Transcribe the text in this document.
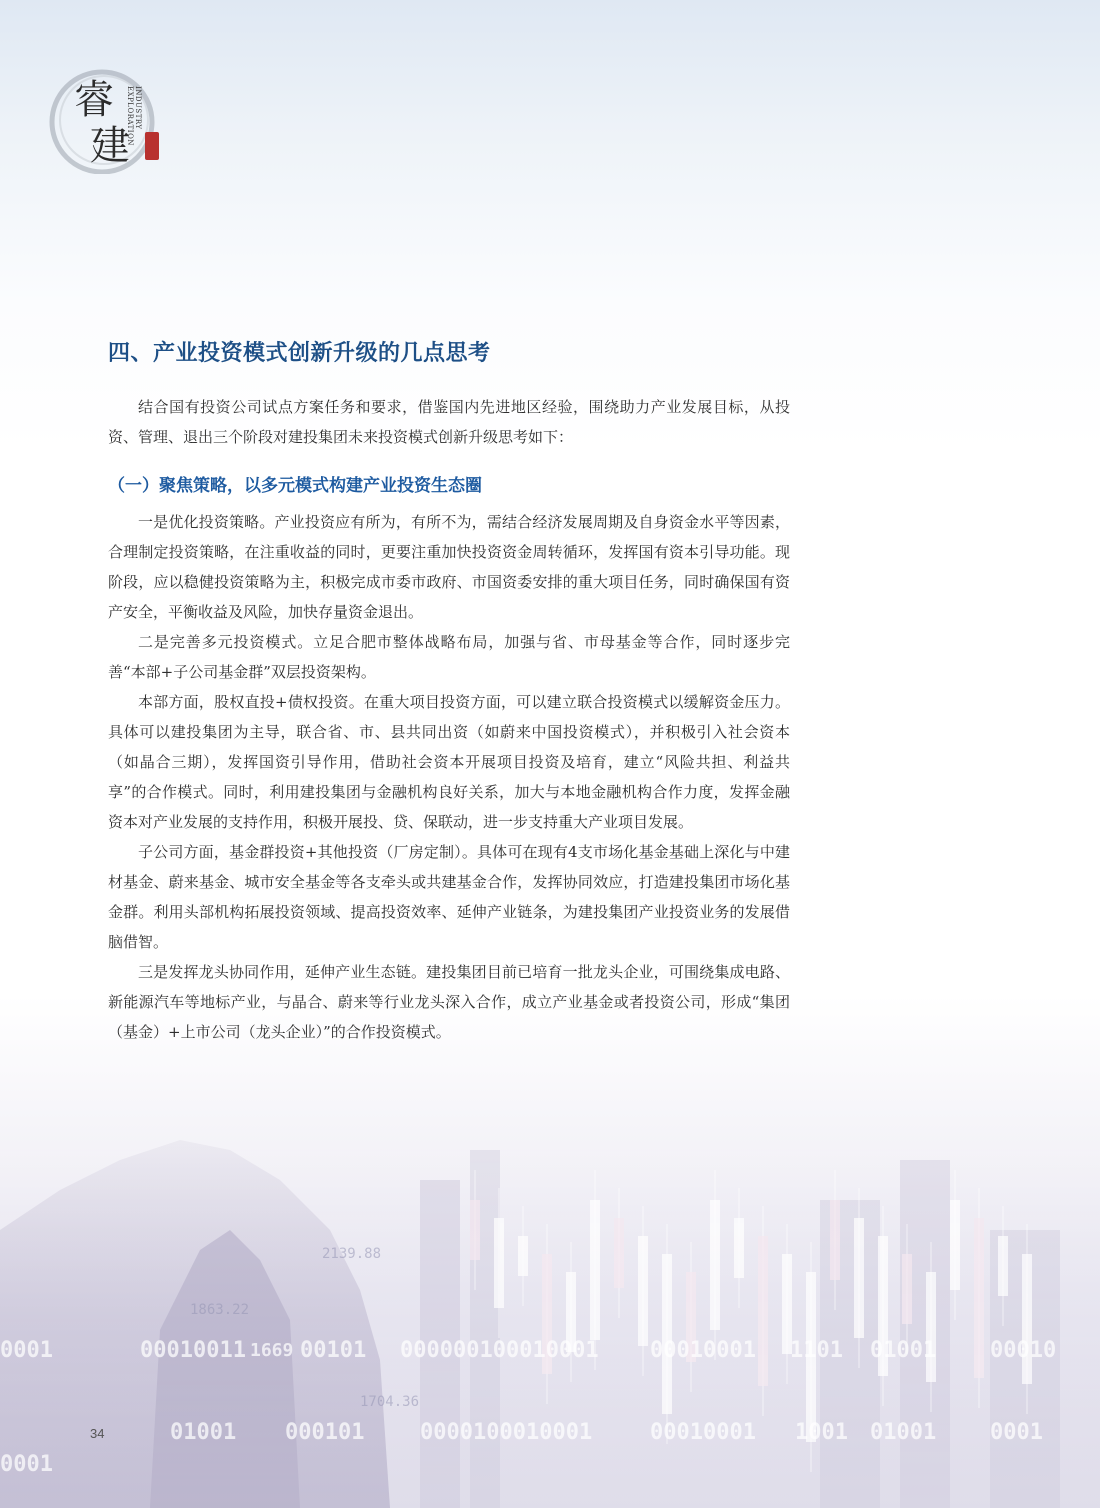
0001	00010011 1669 00101 000000100010001 00010001 1101 01001 00010
0001
01001 000101	0000100010001	00010001 1001 01001 0001
2139.88
1863.22
1704.36
睿
建
INDUSTRY EXPLORATION
四、产业投资模式创新升级的几点思考

结合国有投资公司试点方案任务和要求，借鉴国内先进地区经验，围绕助力产业发展目标，从投资、管理、退出三个阶段对建投集团未来投资模式创新升级思考如下：

（一）聚焦策略，以多元模式构建产业投资生态圈

一是优化投资策略。产业投资应有所为，有所不为，需结合经济发展周期及自身资金水平等因素，合理制定投资策略，在注重收益的同时，更要注重加快投资资金周转循环，发挥国有资本引导功能。现阶段，应以稳健投资策略为主，积极完成市委市政府、市国资委安排的重大项目任务，同时确保国有资产安全，平衡收益及风险，加快存量资金退出。

二是完善多元投资模式。立足合肥市整体战略布局，加强与省、市母基金等合作，同时逐步完善“本部+子公司基金群”双层投资架构。

本部方面，股权直投+债权投资。在重大项目投资方面，可以建立联合投资模式以缓解资金压力。具体可以建投集团为主导，联合省、市、县共同出资（如蔚来中国投资模式），并积极引入社会资本（如晶合三期），发挥国资引导作用，借助社会资本开展项目投资及培育，建立“风险共担、利益共享”的合作模式。同时，利用建投集团与金融机构良好关系，加大与本地金融机构合作力度，发挥金融资本对产业发展的支持作用，积极开展投、贷、保联动，进一步支持重大产业项目发展。

子公司方面，基金群投资+其他投资（厂房定制）。具体可在现有4支市场化基金基础上深化与中建材基金、蔚来基金、城市安全基金等各支牵头或共建基金合作，发挥协同效应，打造建投集团市场化基金群。利用头部机构拓展投资领域、提高投资效率、延伸产业链条，为建投集团产业投资业务的发展借脑借智。

三是发挥龙头协同作用，延伸产业生态链。建投集团目前已培育一批龙头企业，可围绕集成电路、新能源汽车等地标产业，与晶合、蔚来等行业龙头深入合作，成立产业基金或者投资公司，形成“集团（基金）+上市公司（龙头企业）”的合作投资模式。

34
